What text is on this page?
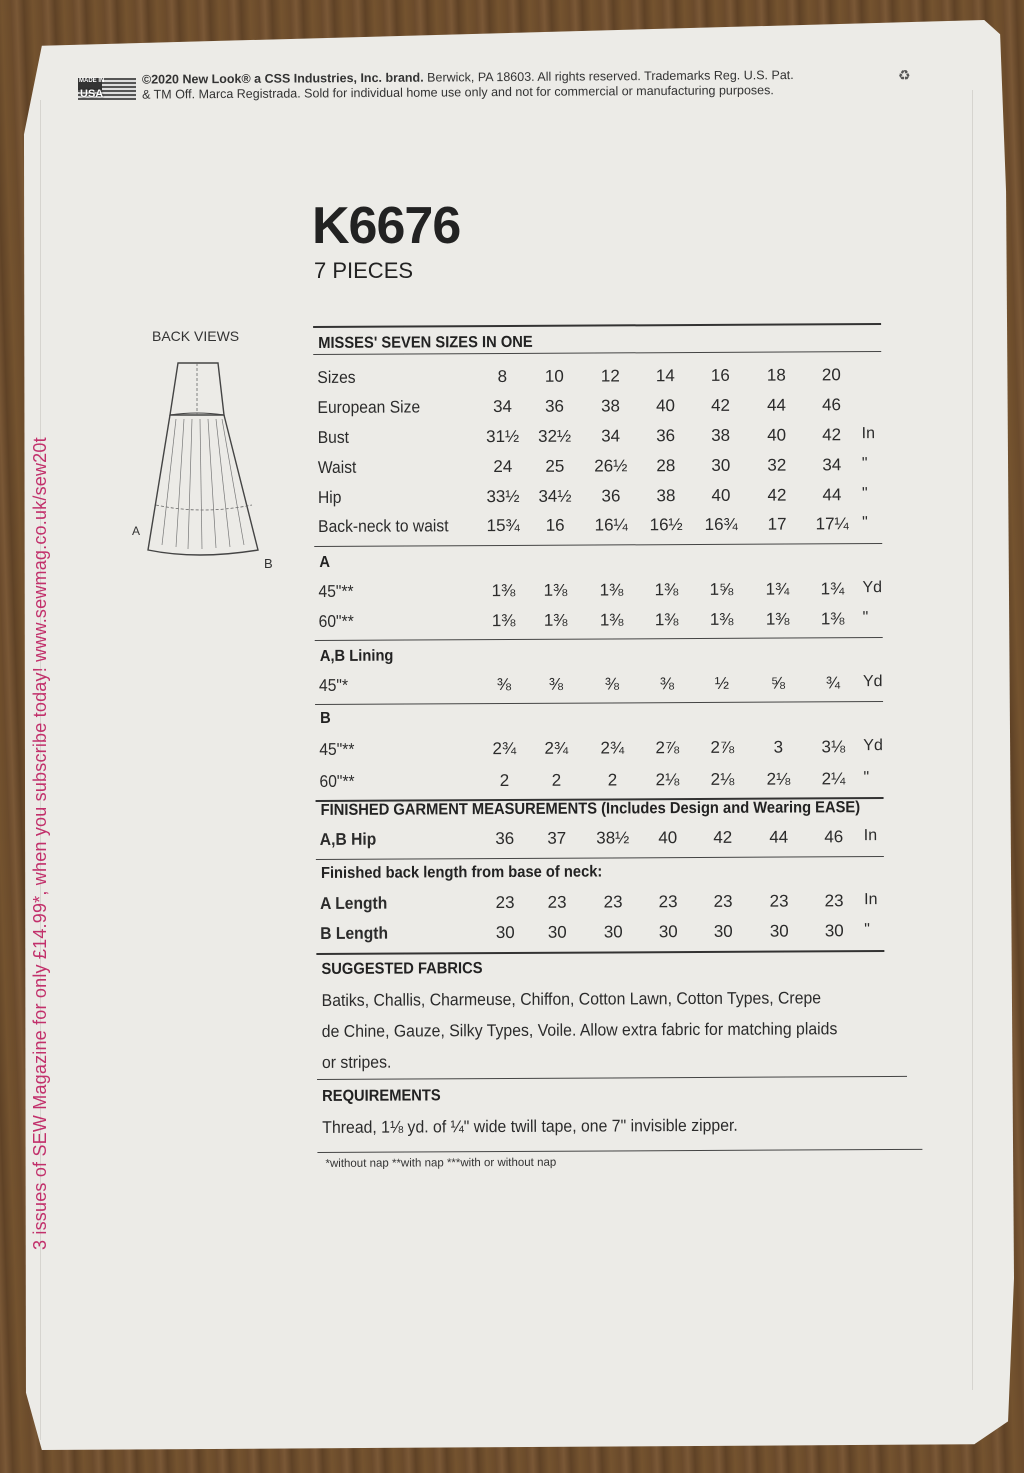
MADE IN
USA
©2020 New Look® a CSS Industries, Inc. brand. Berwick, PA 18603. All rights reserved. Trademarks Reg. U.S. Pat.
& TM Off. Marca Registrada. Sold for individual home use only and not for commercial or manufacturing purposes.
♻
3 issues of SEW Magazine for only £14.99*, when you subscribe today! www.sewmag.co.uk/sew20t
K6676
7 PIECES
BACK VIEWS
A
B
MISSES' SEVEN SIZES IN ONE
Sizes	8	10	12	14	16	18	20
European Size	34	36	38	40	42	44	46
Bust	31½ 32½	34	36	38	40	42	In
Waist	24	25	26½	28	30	32	34	"
Hip	33½ 34½	36	38	40	42	44	"
Back-neck to waist 15¾	16	16¼ 16½ 16¾	17	17¼ "
A
45"**	1⅜	1⅜	1⅜	1⅜	1⅝	1¾	1¾	Yd
60"**	1⅜	1⅜	1⅜	1⅜	1⅜	1⅜	1⅜	"
A,B Lining
45"*	⅜	⅜	⅜	⅜	½	⅝	¾	Yd
B
45"**	2¾	2¾	2¾	2⅞	2⅞	3	3⅛	Yd
60"**	2	2	2	2⅛	2⅛	2⅛	2¼	"
FINISHED GARMENT MEASUREMENTS (Includes Design and Wearing EASE)
A,B Hip	36	37	38½	40	42	44	46	In
Finished back length from base of neck:
A Length	23	23	23	23	23	23	23	In
B Length	30	30	30	30	30	30	30	"
SUGGESTED FABRICS
Batiks, Challis, Charmeuse, Chiffon, Cotton Lawn, Cotton Types, Crepe de Chine, Gauze, Silky Types, Voile. Allow extra fabric for matching plaids or stripes.
REQUIREMENTS
Thread, 1⅛ yd. of ¼" wide twill tape, one 7" invisible zipper.
*without nap **with nap ***with or without nap
